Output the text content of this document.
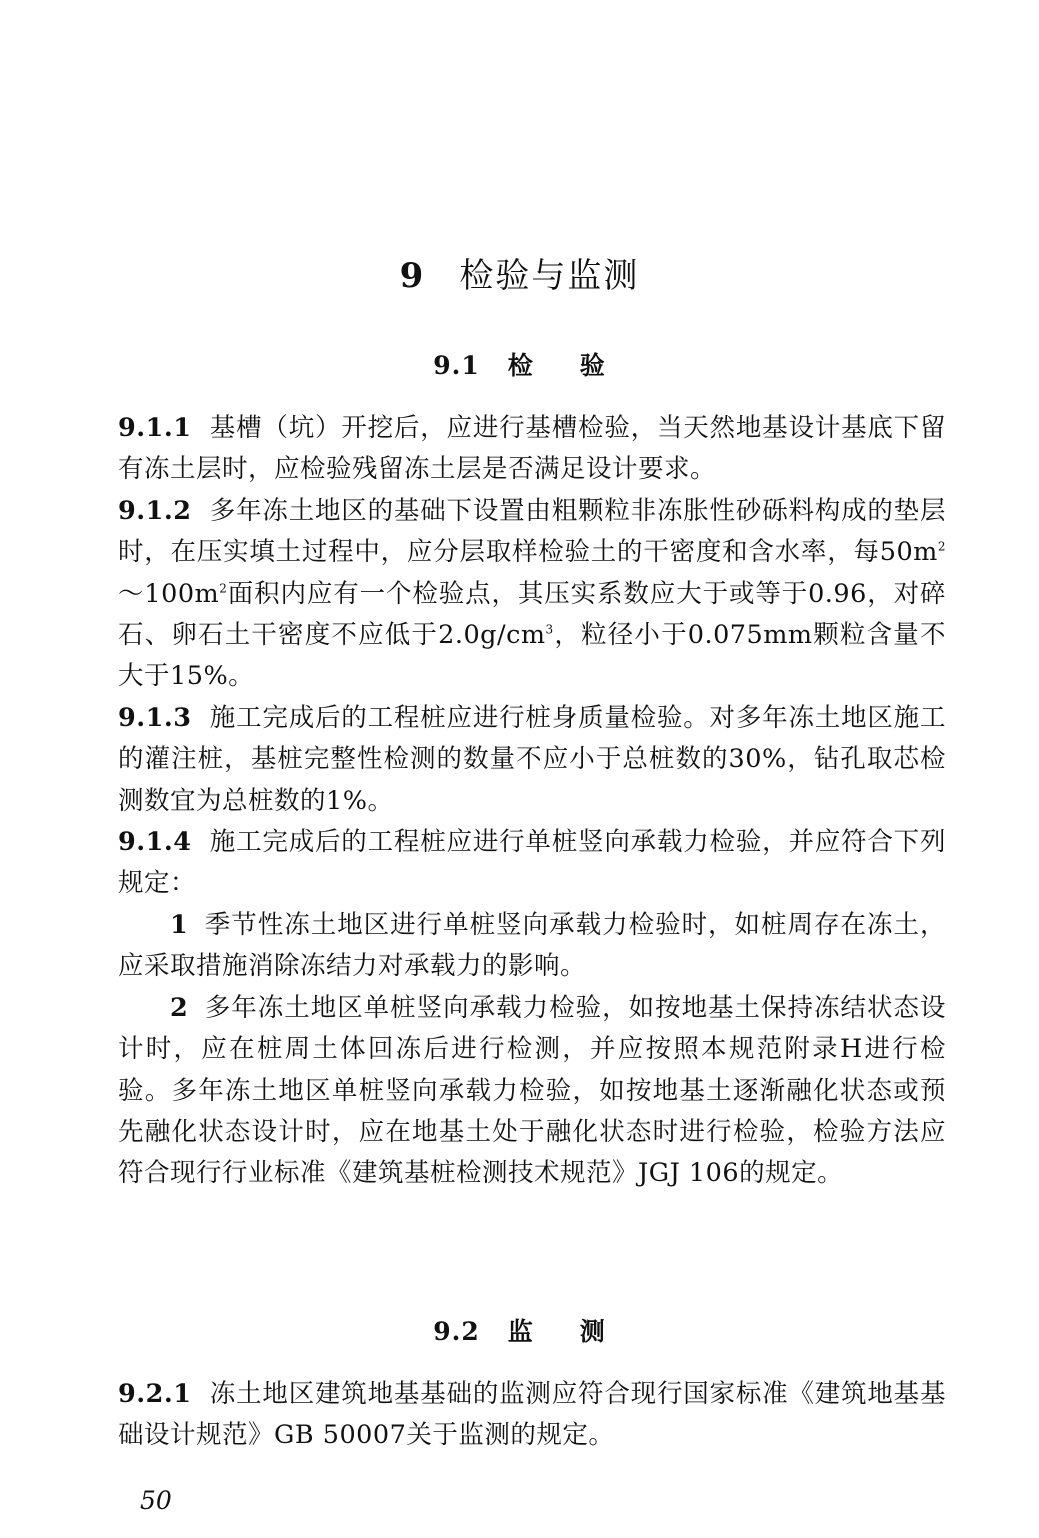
9 检验与监测
9.1 检 验

9.1.1 基槽（坑）开挖后，应进行基槽检验，当天然地基设计基底下留有冻土层时，应检验残留冻土层是否满足设计要求。

9.1.2 多年冻土地区的基础下设置由粗颗粒非冻胀性砂砾料构成的垫层时，在压实填土过程中，应分层取样检验土的干密度和含水率，每$50m^2\sim 100m^2$面积内应有一个检验点，其压实系数应大于或等于0.96，对碎石、卵石土干密度不应低于$2.0g/cm^3$，粒径小于0.075mm颗粒含量不大于15%。

9.1.3 施工完成后的工程桩应进行桩身质量检验。对多年冻土地区施工的灌注桩，基桩完整性检测的数量不应小于总桩数的30%，钻孔取芯检测数宜为总桩数的1%。

9.1.4 施工完成后的工程桩应进行单桩竖向承载力检验，并应符合下列规定：

1 季节性冻土地区进行单桩竖向承载力检验时，如桩周存在冻土，应采取措施消除冻结力对承载力的影响。

2 多年冻土地区单桩竖向承载力检验，如按地基土保持冻结状态设计时，应在桩周土体回冻后进行检测，并应按照本规范附录H进行检验。多年冻土地区单桩竖向承载力检验，如按地基土逐渐融化状态或预先融化状态设计时，应在地基土处于融化状态时进行检验，检验方法应符合现行行业标准《建筑基桩检测技术规范》JGJ 106的规定。

9.2 监 测

9.2.1 冻土地区建筑地基基础的监测应符合现行国家标准《建筑地基基础设计规范》GB 50007关于监测的规定。

50
